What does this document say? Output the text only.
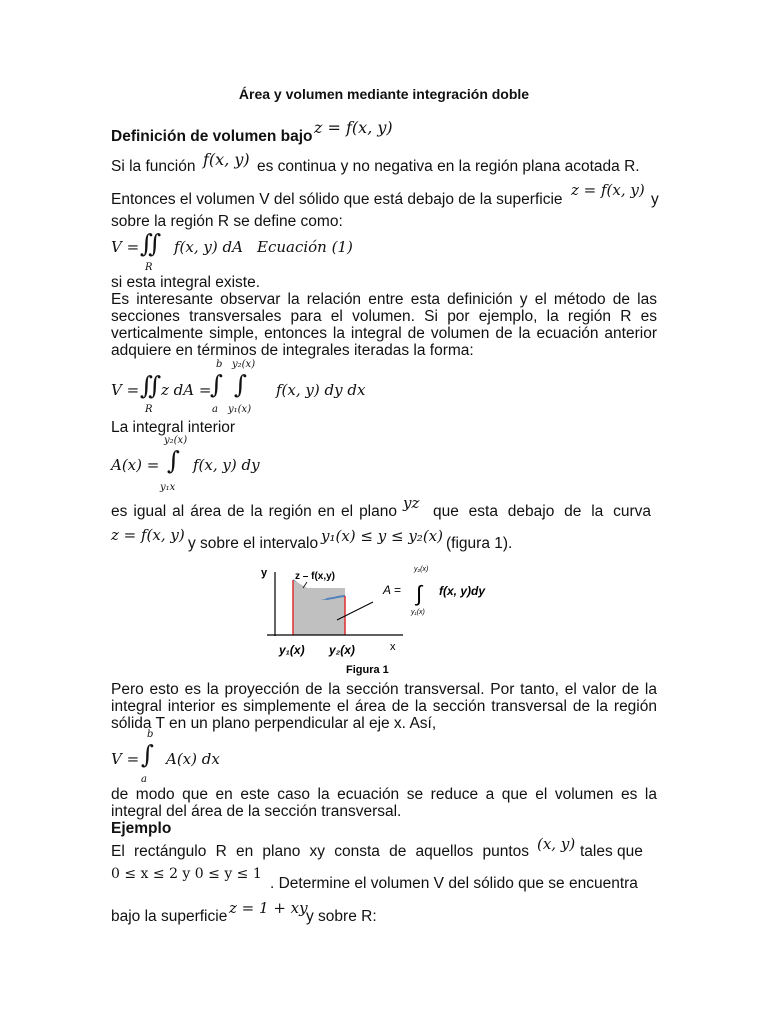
Área y volumen mediante integración doble
Definición de volumen bajo z = f(x, y)
Si la función f(x, y) es continua y no negativa en la región plana acotada R.
Entonces el volumen V del sólido que está debajo de la superficie
z = f(x, y)
y
sobre la región R se define como:
V = ∬
R
f(x, y) dA Ecuación (1)
si esta integral existe.
Es interesante observar la relación entre esta definición y el método de las
secciones transversales para el volumen. Si por ejemplo, la región R es
verticalmente simple, entonces la integral de volumen de la ecuación anterior
adquiere en términos de integrales iteradas la forma:
V = ∬
R
z dA =
b
∫
a
y₂(x)
∫
y₁(x)
f(x, y) dy dx
La integral interior
y₂(x)
A(x) = ∫
y₁x
f(x, y) dy
es igual al área de la región en el plano yz que esta debajo de la curva
z = f(x, y) y sobre el intervalo y₁(x) ≤ y ≤ y₂(x) (figura 1).
y
x
z – f(x,y)
A =
y₂(x)
∫
y₁(x)
f(x, y)dy
y₁(x) y₂(x)
Figura 1
Pero esto es la proyección de la sección transversal. Por tanto, el valor de la
integral interior es simplemente el área de la sección transversal de la región
sólida T en un plano perpendicular al eje x. Así,
b
V = ∫
a
A(x) dx
de modo que en este caso la ecuación se reduce a que el volumen es la
integral del área de la sección transversal.
Ejemplo
El rectángulo R en plano xy consta de aquellos puntos (x, y) tales que
0 ≤ x ≤ 2 y 0 ≤ y ≤ 1
. Determine el volumen V del sólido que se encuentra
bajo la superficie z = 1 + xy
y sobre R:
